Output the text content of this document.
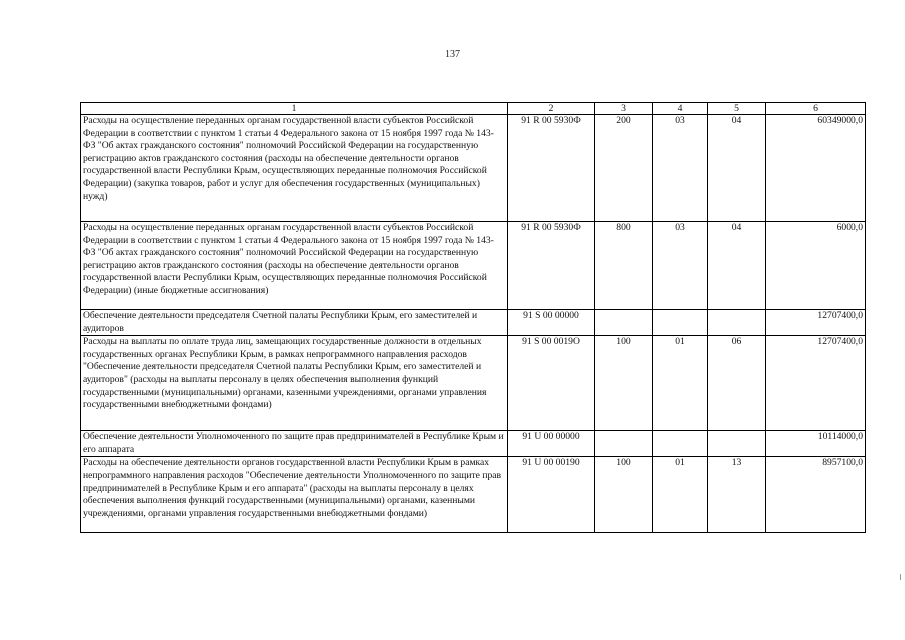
137
1	2	3	4	5	6
Расходы на осуществление переданных органам государственной власти субъектов Российской Федерации в соответствии с пунктом 1 статьи 4 Федерального закона от 15 ноября 1997 года № 143-ФЗ "Об актах гражданского состояния" полномочий Российской Федерации на государственную регистрацию актов гражданского состояния (расходы на обеспечение деятельности органов государственной власти Республики Крым, осуществляющих переданные полномочия Российской Федерации) (закупка товаров, работ и услуг для обеспечения государственных (муниципальных) нужд)	91 R 00 5930Ф	200	03	04	60349000,0
Расходы на осуществление переданных органам государственной власти субъектов Российской Федерации в соответствии с пунктом 1 статьи 4 Федерального закона от 15 ноября 1997 года № 143-ФЗ "Об актах гражданского состояния" полномочий Российской Федерации на государственную регистрацию актов гражданского состояния (расходы на обеспечение деятельности органов государственной власти Республики Крым, осуществляющих переданные полномочия Российской Федерации) (иные бюджетные ассигнования)	91 R 00 5930Ф	800	03	04	6000,0
Обеспечение деятельности председателя Счетной палаты Республики Крым, его заместителей и аудиторов	91 S 00 00000				12707400,0
Расходы на выплаты по оплате труда лиц, замещающих государственные должности в отдельных государственных органах Республики Крым, в рамках непрограммного направления расходов "Обеспечение деятельности председателя Счетной палаты Республики Крым, его заместителей и аудиторов" (расходы на выплаты персоналу в целях обеспечения выполнения функций государственными (муниципальными) органами, казенными учреждениями, органами управления государственными внебюджетными фондами)	91 S 00 0019О	100	01	06	12707400,0
Обеспечение деятельности Уполномоченного по защите прав предпринимателей в Республике Крым и его аппарата	91 U 00 00000				10114000,0
Расходы на обеспечение деятельности органов государственной власти Республики Крым в рамках непрограммного направления расходов "Обеспечение деятельности Уполномоченного по защите прав предпринимателей в Республике Крым и его аппарата" (расходы на выплаты персоналу в целях обеспечения выполнения функций государственными (муниципальными) органами, казенными учреждениями, органами управления государственными внебюджетными фондами)	91 U 00 00190	100	01	13	8957100,0
